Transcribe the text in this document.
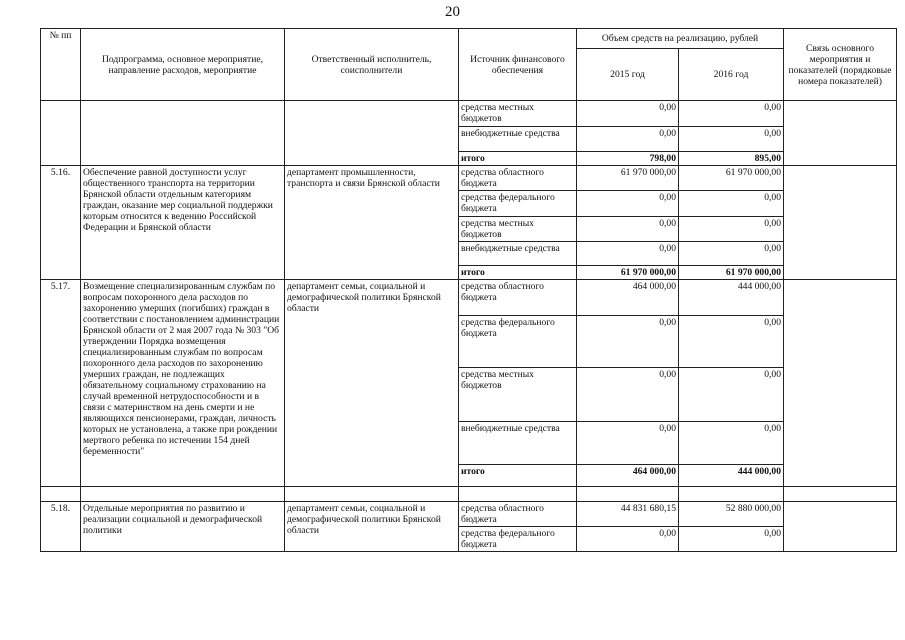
20
№ пп	Подпрограмма, основное мероприятие, направление расходов, мероприятие	Ответственный исполнитель, соисполнители	Источник финансового обеспечения	Объем средств на реализацию, рублей		Связь основного мероприятия и показателей (порядковые номера показателей)
				2015 год	2016 год	
			средства местных бюджетов	0,00	0,00	
			внебюджетные средства	0,00	0,00	
			итого	798,00	895,00	
5.16.	Обеспечение равной доступности услуг общественного транспорта на территории Брянской области отдельным категориям граждан, оказание мер социальной поддержки которым относится к ведению Российской Федерации и Брянской области	департамент промышленности, транспорта и связи Брянской области	средства областного бюджета	61 970 000,00	61 970 000,00	
			средства федерального бюджета	0,00	0,00	
			средства местных бюджетов	0,00	0,00	
			внебюджетные средства	0,00	0,00	
			итого	61 970 000,00	61 970 000,00	
5.17.	Возмещение специализированным службам по вопросам похоронного дела расходов по захоронению умерших (погибших) граждан в соответствии с постановлением администрации Брянской области от 2 мая 2007 года № 303 "Об утверждении Порядка возмещения специализированным службам по вопросам похоронного дела расходов по захоронению умерших граждан, не подлежащих обязательному социальному страхованию на случай временной нетрудоспособности и в связи с материнством на день смерти и не являющихся пенсионерами, граждан, личность которых не установлена, а также при рождении мертвого ребенка по истечении 154 дней беременности"	департамент семьи, социальной и демографической политики Брянской области	средства областного бюджета	464 000,00	444 000,00	
			средства федерального бюджета	0,00	0,00	
			средства местных бюджетов	0,00	0,00	
			внебюджетные средства	0,00	0,00	
			итого	464 000,00	444 000,00	

5.18.	Отдельные мероприятия по развитию и реализации социальной и демографической политики	департамент семьи, социальной и демографической политики Брянской области	средства областного бюджета	44 831 680,15	52 880 000,00	
			средства федерального бюджета	0,00	0,00	
